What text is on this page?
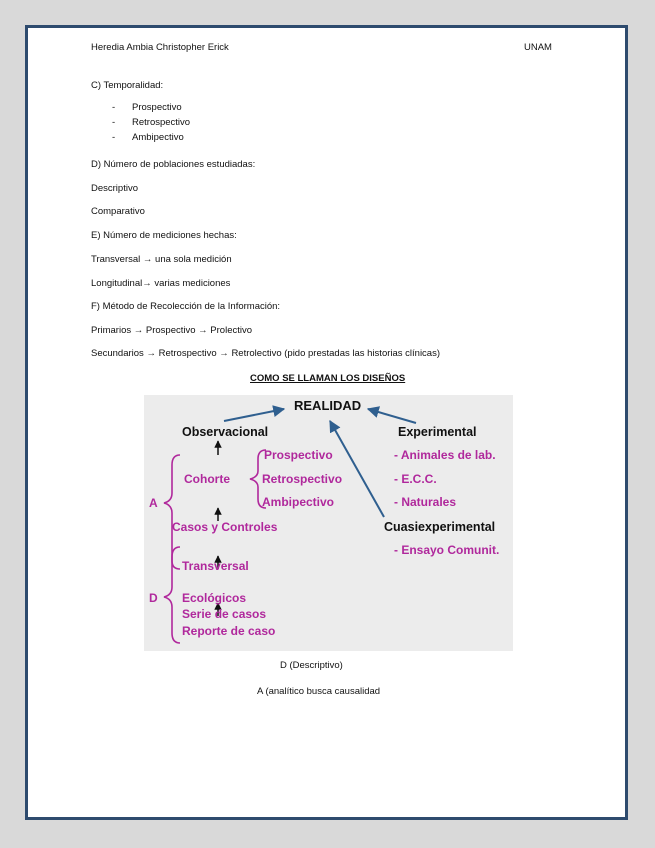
Heredia Ambia Christopher Erick	UNAM
C) Temporalidad:
- Prospectivo
- Retrospectivo
- Ambipectivo
D) Número de poblaciones estudiadas:
Descriptivo
Comparativo
E) Número de mediciones hechas:
Transversal → una sola medición
Longitudinal→ varias mediciones
F) Método de Recolección de la Información:
Primarios → Prospectivo → Prolectivo
Secundarios → Retrospectivo → Retrolectivo (pido prestadas las historias clínicas)
COMO SE LLAMAN LOS DISEÑOS
REALIDAD
Observacional	Experimental
Prospectivo
Retrospectivo
Ambipectivo
Cohorte
A
Casos y Controles
Transversal
D Ecológicos
Serie de casos
Reporte de caso
- Animales de lab.
- E.C.C.
- Naturales
Cuasiexperimental
- Ensayo Comunit.
D (Descriptivo)
A (analítico busca causalidad
